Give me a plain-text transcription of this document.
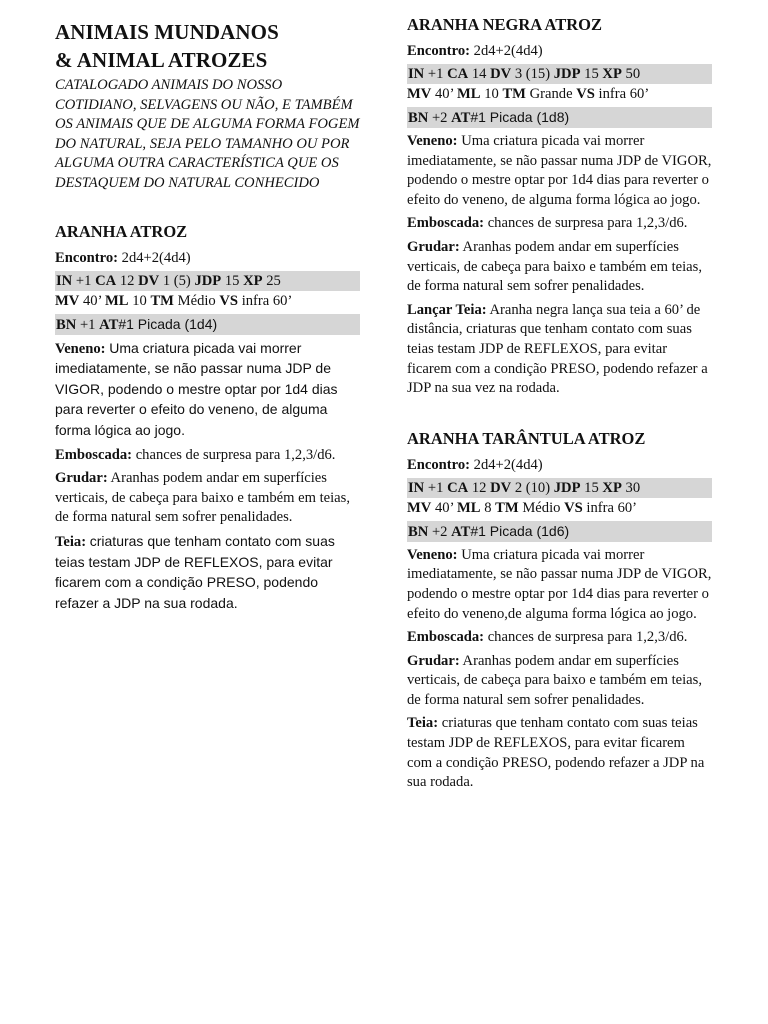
ANIMAIS MUNDANOS
& ANIMAL ATROZES
CATALOGADO ANIMAIS DO NOSSO COTIDIANO, SELVAGENS OU NÃO, E TAMBÉM OS ANIMAIS QUE DE ALGUMA FORMA FOGEM DO NATURAL, SEJA PELO TAMANHO OU POR ALGUMA OUTRA CARACTERÍSTICA QUE OS DESTAQUEM DO NATURAL CONHECIDO
ARANHA ATROZ
Encontro: 2d4+2(4d4)
IN +1 CA 12 DV 1 (5) JDP 15 XP 25
MV 40’ ML 10 TM Médio VS infra 60’
BN +1 AT#1 Picada (1d4)
Veneno: Uma criatura picada vai morrer imediatamente, se não passar numa JDP de VIGOR, podendo o mestre optar por 1d4 dias para reverter o efeito do veneno, de alguma forma lógica ao jogo.
Emboscada: chances de surpresa para 1,2,3/d6.
Grudar: Aranhas podem andar em superfícies verticais, de cabeça para baixo e também em teias, de forma natural sem sofrer penalidades.
Teia: criaturas que tenham contato com suas teias testam JDP de REFLEXOS, para evitar ficarem com a condição PRESO, podendo refazer a JDP na sua rodada.
ARANHA NEGRA ATROZ
Encontro: 2d4+2(4d4)
IN +1 CA 14 DV 3 (15) JDP 15 XP 50
MV 40’ ML 10 TM Grande VS infra 60’
BN +2 AT#1 Picada (1d8)
Veneno: Uma criatura picada vai morrer imediatamente, se não passar numa JDP de VIGOR, podendo o mestre optar por 1d4 dias para reverter o efeito do veneno, de alguma forma lógica ao jogo.
Emboscada: chances de surpresa para 1,2,3/d6.
Grudar: Aranhas podem andar em superfícies verticais, de cabeça para baixo e também em teias, de forma natural sem sofrer penalidades.
Lançar Teia: Aranha negra lança sua teia a 60’ de distância, criaturas que tenham contato com suas teias testam JDP de REFLEXOS, para evitar ficarem com a condição PRESO, podendo refazer a JDP na sua vez na rodada.
ARANHA TARÂNTULA ATROZ
Encontro: 2d4+2(4d4)
IN +1 CA 12 DV 2 (10) JDP 15 XP 30
MV 40’ ML 8 TM Médio VS infra 60’
BN +2 AT#1 Picada (1d6)
Veneno: Uma criatura picada vai morrer imediatamente, se não passar numa JDP de VIGOR, podendo o mestre optar por 1d4 dias para reverter o efeito do veneno,de alguma forma lógica ao jogo.
Emboscada: chances de surpresa para 1,2,3/d6.
Grudar: Aranhas podem andar em superfícies verticais, de cabeça para baixo e também em teias, de forma natural sem sofrer penalidades.
Teia: criaturas que tenham contato com suas teias testam JDP de REFLEXOS, para evitar ficarem com a condição PRESO, podendo refazer a JDP na sua rodada.
